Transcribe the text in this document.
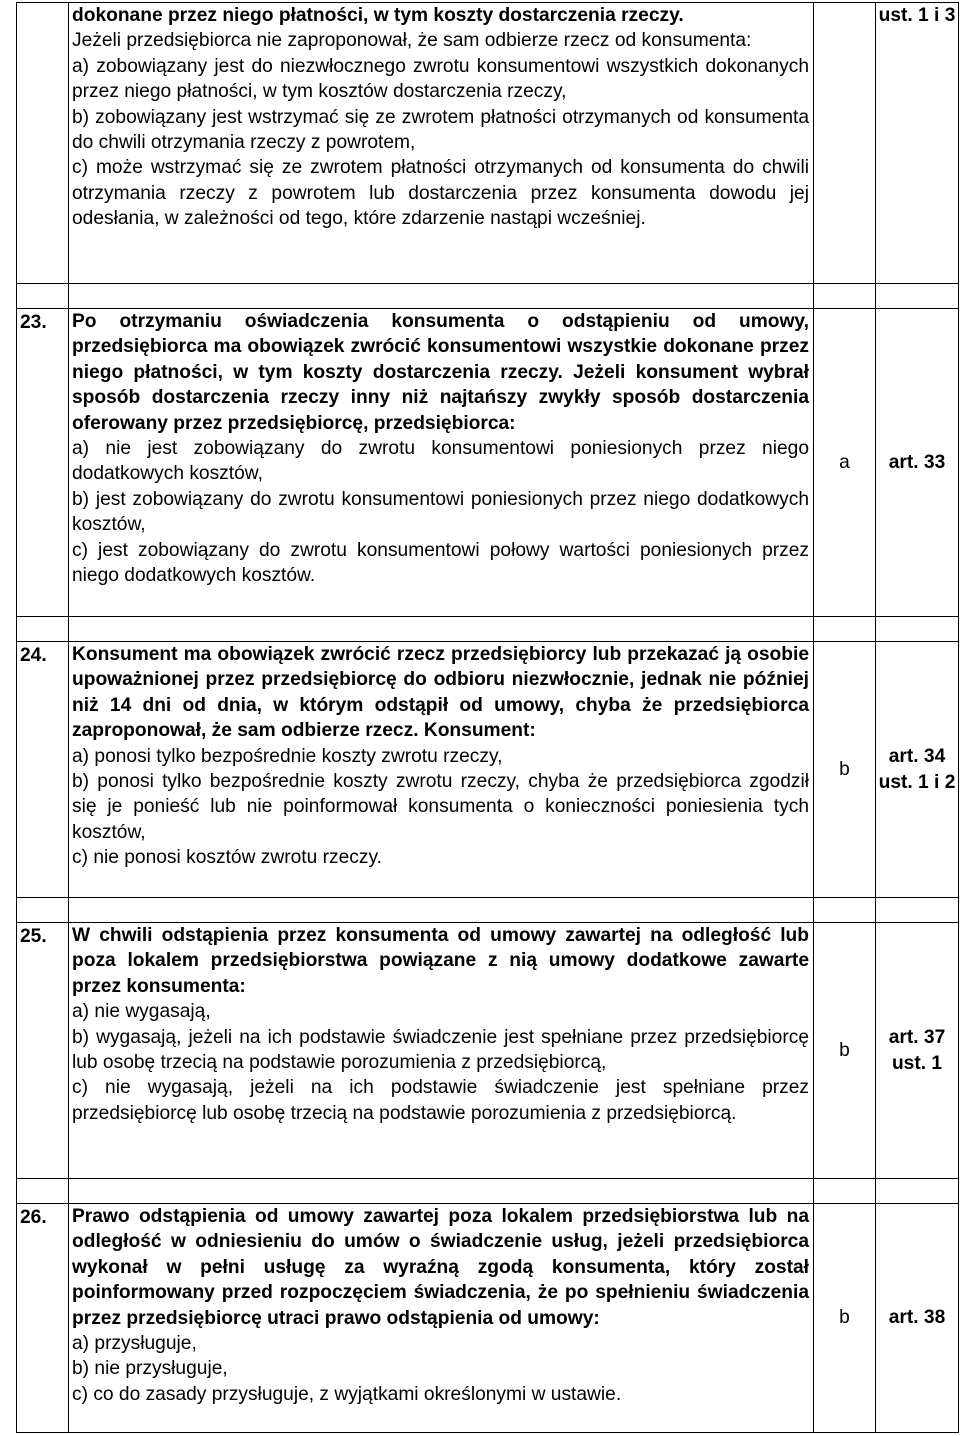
	dokonane przez niego płatności, w tym koszty dostarczenia rzeczy.

Jeżeli przedsiębiorca nie zaproponował, że sam odbierze rzecz od konsumenta:

a) zobowiązany jest do niezwłocznego zwrotu konsumentowi wszystkich dokonanych przez niego płatności, w tym kosztów dostarczenia rzeczy,

b) zobowiązany jest wstrzymać się ze zwrotem płatności otrzymanych od konsumenta do chwili otrzymania rzeczy z powrotem,

c) może wstrzymać się ze zwrotem płatności otrzymanych od konsumenta do chwili otrzymania rzeczy z powrotem lub dostarczenia przez konsumenta dowodu jej odesłania, w zależności od tego, które zdarzenie nastąpi wcześniej.		ust. 1 i 3

23.	Po otrzymaniu oświadczenia konsumenta o odstąpieniu od umowy, przedsiębiorca ma obowiązek zwrócić konsumentowi wszystkie dokonane przez niego płatności, w tym koszty dostarczenia rzeczy. Jeżeli konsument wybrał sposób dostarczenia rzeczy inny niż najtańszy zwykły sposób dostarczenia oferowany przez przedsiębiorcę, przedsiębiorca:

a) nie jest zobowiązany do zwrotu konsumentowi poniesionych przez niego dodatkowych kosztów,

b) jest zobowiązany do zwrotu konsumentowi poniesionych przez niego dodatkowych kosztów,

c) jest zobowiązany do zwrotu konsumentowi połowy wartości poniesionych przez niego dodatkowych kosztów.	a	art. 33

24.	Konsument ma obowiązek zwrócić rzecz przedsiębiorcy lub przekazać ją osobie upoważnionej przez przedsiębiorcę do odbioru niezwłocznie, jednak nie później niż 14 dni od dnia, w którym odstąpił od umowy, chyba że przedsiębiorca zaproponował, że sam odbierze rzecz. Konsument:

a) ponosi tylko bezpośrednie koszty zwrotu rzeczy,

b) ponosi tylko bezpośrednie koszty zwrotu rzeczy, chyba że przedsiębiorca zgodził się je ponieść lub nie poinformował konsumenta o konieczności poniesienia tych kosztów,

c) nie ponosi kosztów zwrotu rzeczy.	b	art. 34 ust. 1 i 2

25.	W chwili odstąpienia przez konsumenta od umowy zawartej na odległość lub poza lokalem przedsiębiorstwa powiązane z nią umowy dodatkowe zawarte przez konsumenta:

a) nie wygasają,

b) wygasają, jeżeli na ich podstawie świadczenie jest spełniane przez przedsiębiorcę lub osobę trzecią na podstawie porozumienia z przedsiębiorcą,

c) nie wygasają, jeżeli na ich podstawie świadczenie jest spełniane przez przedsiębiorcę lub osobę trzecią na podstawie porozumienia z przedsiębiorcą.	b	art. 37 ust. 1

26.	Prawo odstąpienia od umowy zawartej poza lokalem przedsiębiorstwa lub na odległość w odniesieniu do umów o świadczenie usług, jeżeli przedsiębiorca wykonał w pełni usługę za wyraźną zgodą konsumenta, który został poinformowany przed rozpoczęciem świadczenia, że po spełnieniu świadczenia przez przedsiębiorcę utraci prawo odstąpienia od umowy:

a) przysługuje,

b) nie przysługuje,

c) co do zasady przysługuje, z wyjątkami określonymi w ustawie.	b	art. 38
